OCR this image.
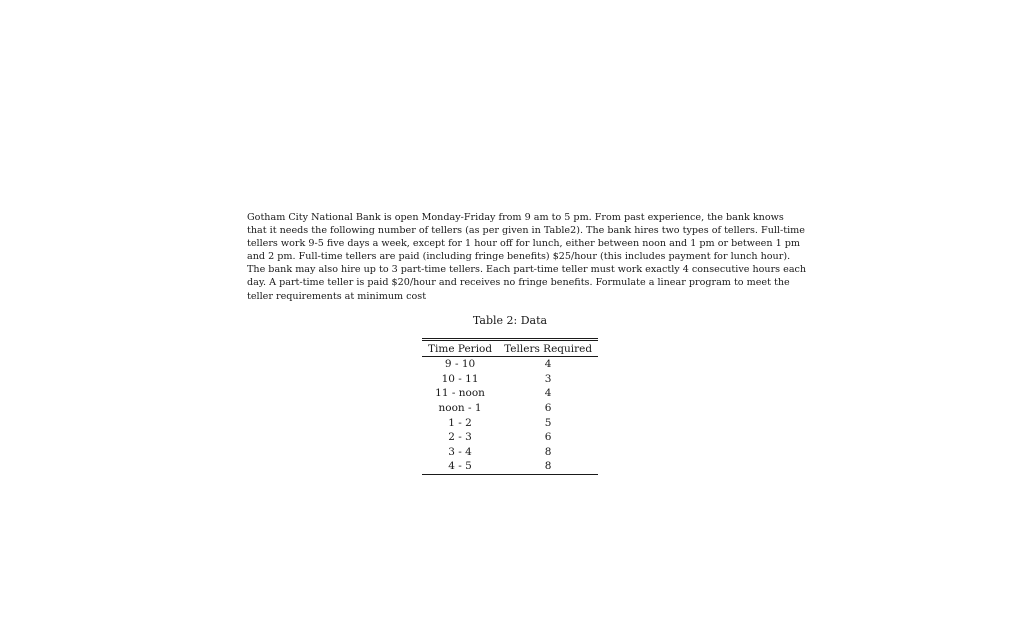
Gotham City National Bank is open Monday-Friday from 9 am to 5 pm. From past experience, the bank knows
that it needs the following number of tellers (as per given in Table2). The bank hires two types of tellers. Full-time
tellers work 9-5 five days a week, except for 1 hour off for lunch, either between noon and 1 pm or between 1 pm
and 2 pm. Full-time tellers are paid (including fringe benefits) $25/hour (this includes payment for lunch hour).
The bank may also hire up to 3 part-time tellers. Each part-time teller must work exactly 4 consecutive hours each
day. A part-time teller is paid $20/hour and receives no fringe benefits. Formulate a linear program to meet the
teller requirements at minimum cost

Table 2: Data
Time Period	Tellers Required
9 - 10	4
10 - 11	3
11 - noon	4
noon - 1	6
1 - 2	5
2 - 3	6
3 - 4	8
4 - 5	8
